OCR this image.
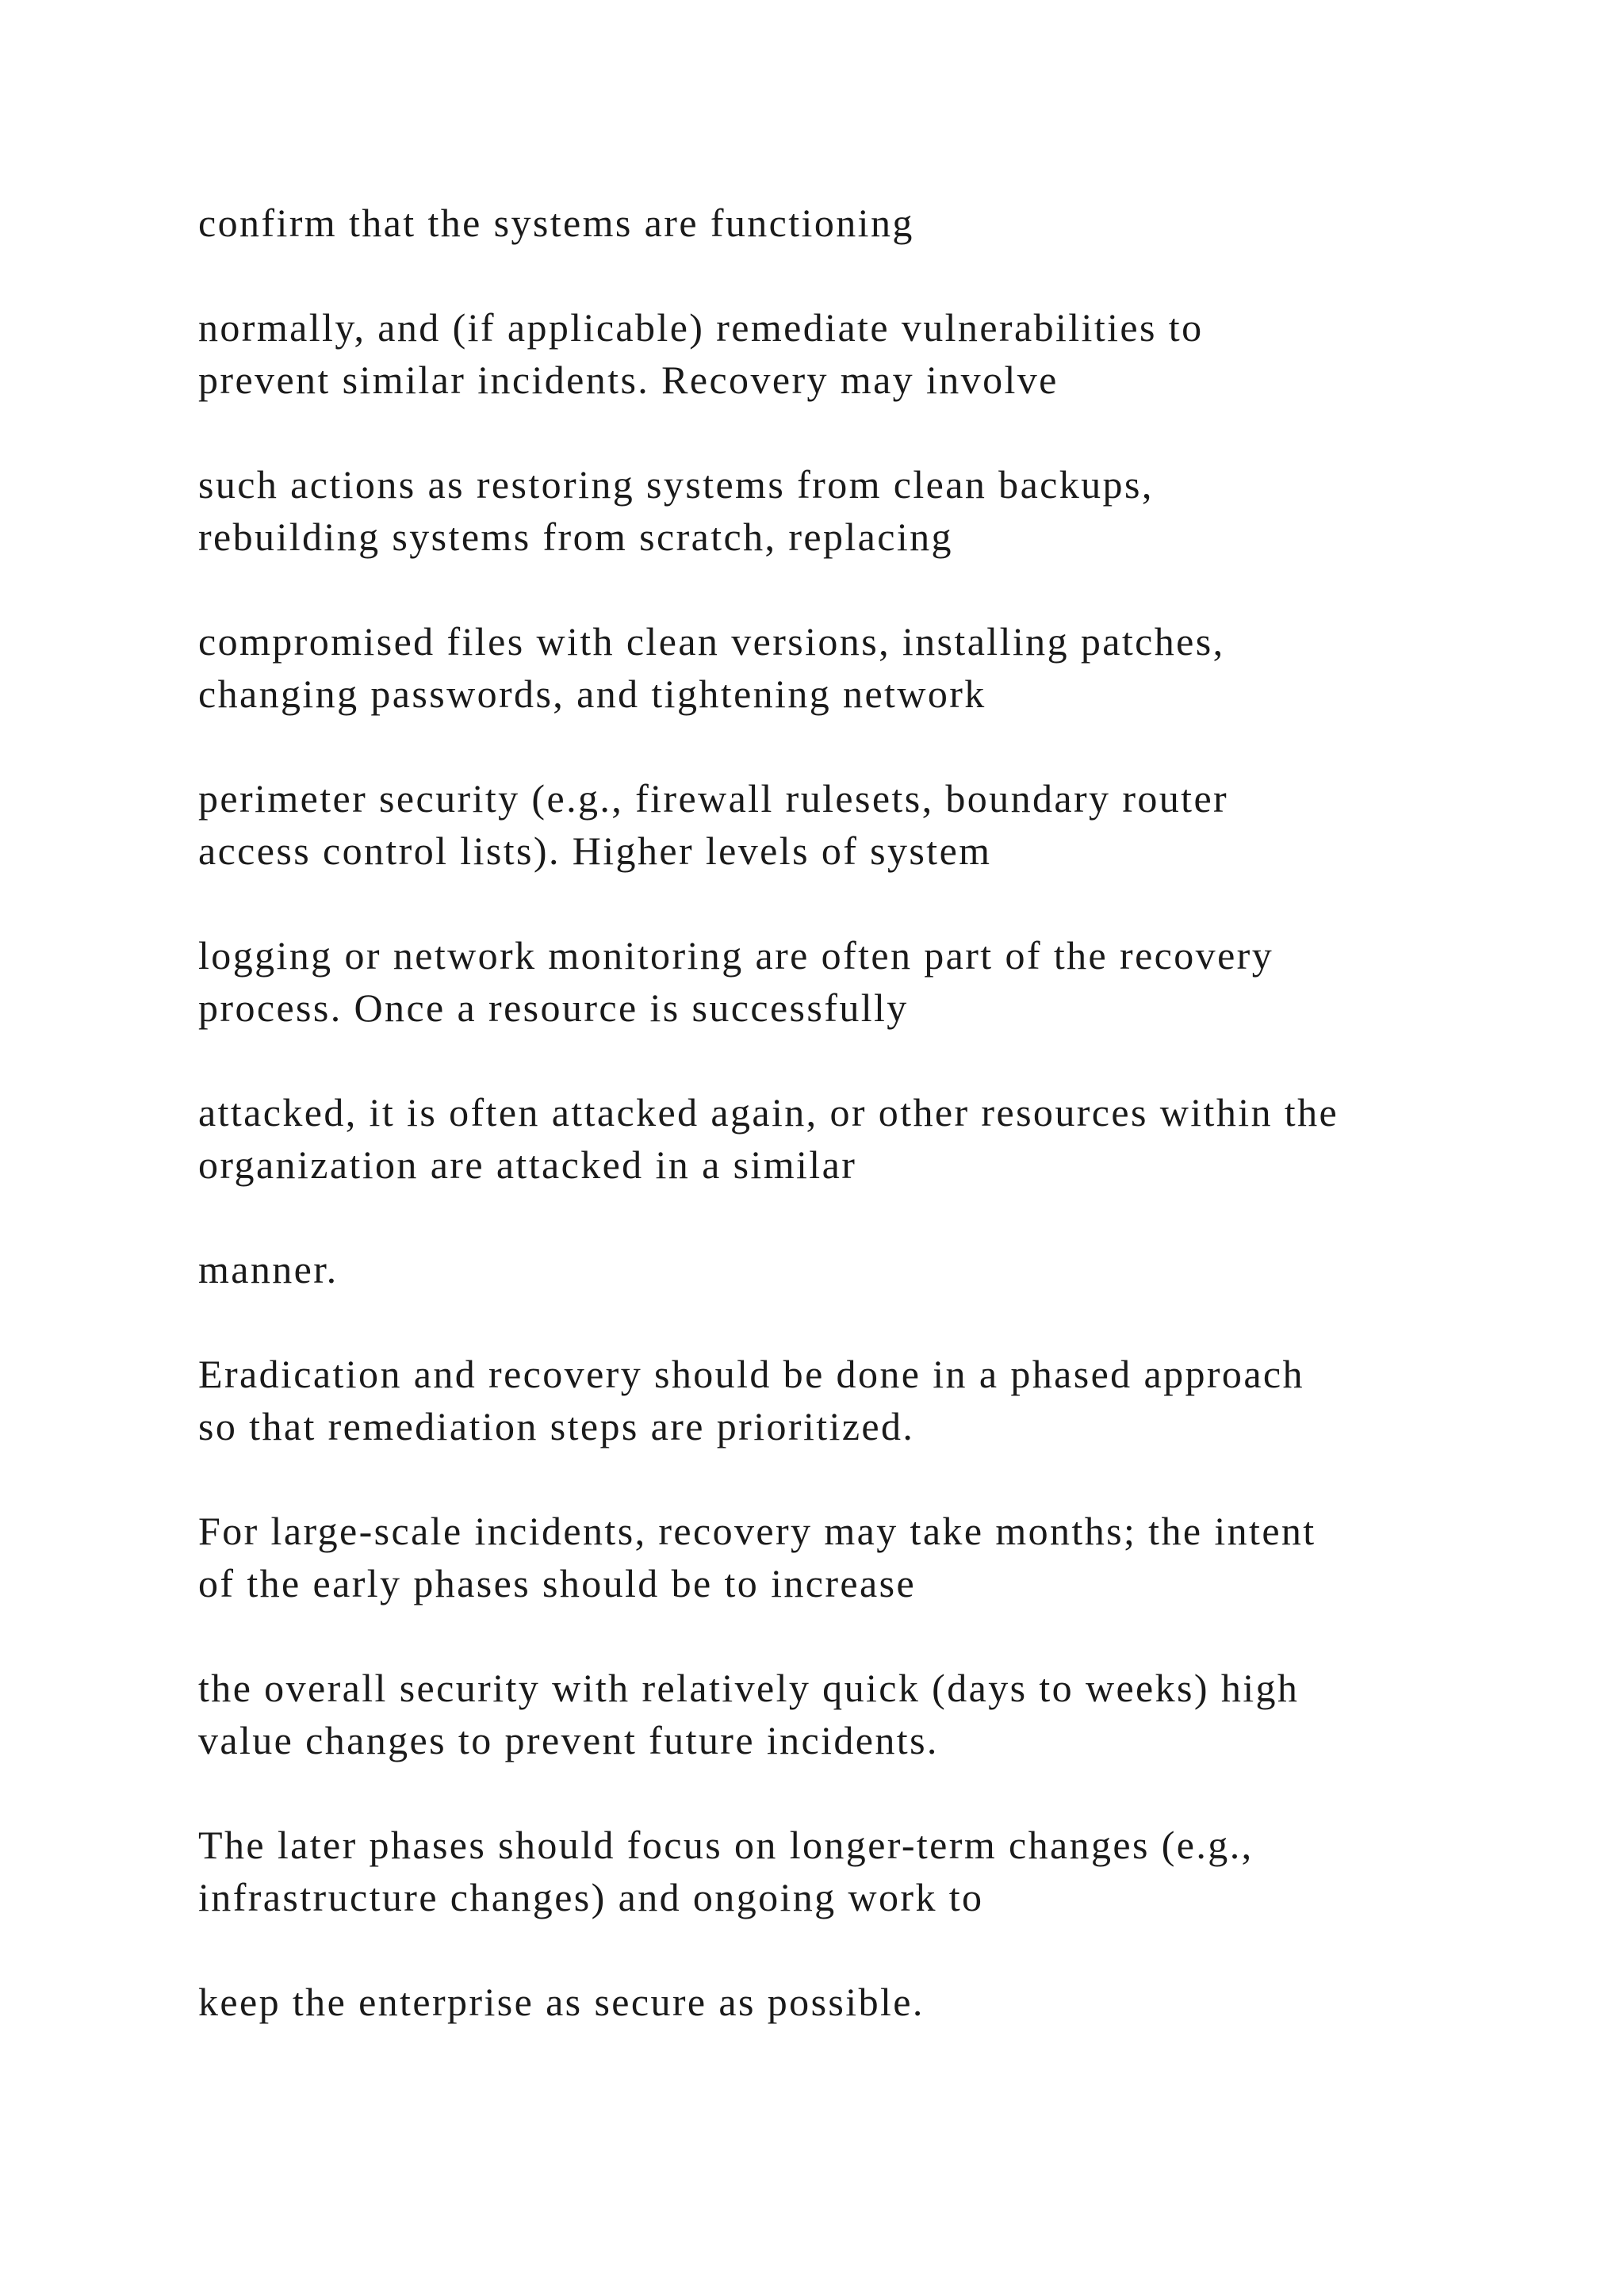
confirm that the systems are functioning

normally, and (if applicable) remediate vulnerabilities to
prevent similar incidents. Recovery may involve

such actions as restoring systems from clean backups,
rebuilding systems from scratch, replacing

compromised files with clean versions, installing patches,
changing passwords, and tightening network

perimeter security (e.g., firewall rulesets, boundary router
access control lists). Higher levels of system

logging or network monitoring are often part of the recovery
process. Once a resource is successfully

attacked, it is often attacked again, or other resources within the
organization are attacked in a similar

manner.

Eradication and recovery should be done in a phased approach
so that remediation steps are prioritized.

For large-scale incidents, recovery may take months; the intent
of the early phases should be to increase

the overall security with relatively quick (days to weeks) high
value changes to prevent future incidents.

The later phases should focus on longer-term changes (e.g.,
infrastructure changes) and ongoing work to

keep the enterprise as secure as possible.
